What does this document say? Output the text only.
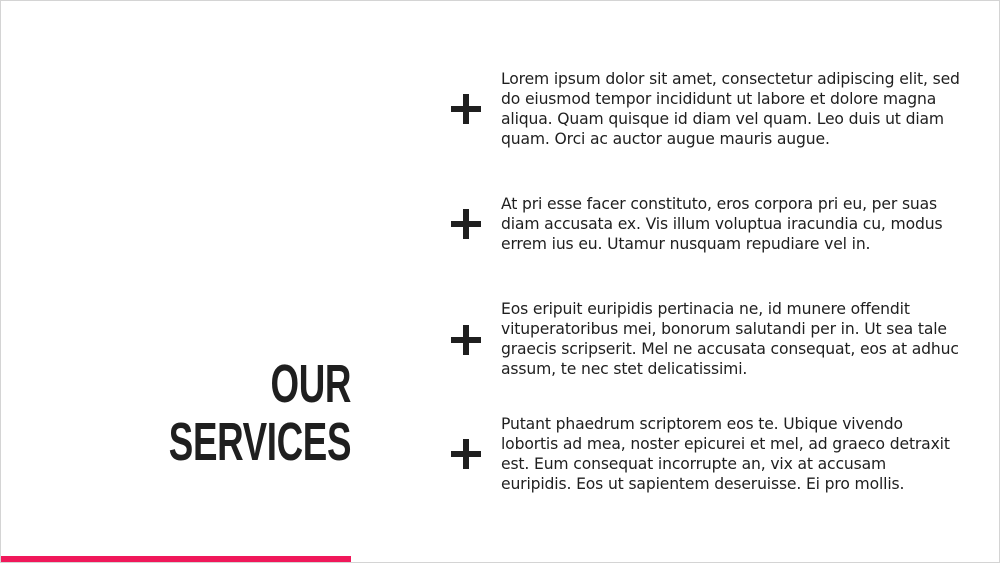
OUR
SERVICES
Lorem ipsum dolor sit amet, consectetur adipiscing elit, sed do eiusmod tempor incididunt ut labore et dolore magna aliqua. Quam quisque id diam vel quam. Leo duis ut diam quam. Orci ac auctor augue mauris augue.
At pri esse facer constituto, eros corpora pri eu, per suas diam accusata ex. Vis illum voluptua iracundia cu, modus errem ius eu. Utamur nusquam repudiare vel in.
Eos eripuit euripidis pertinacia ne, id munere offendit vituperatoribus mei, bonorum salutandi per in. Ut sea tale graecis scripserit. Mel ne accusata consequat, eos at adhuc assum, te nec stet delicatissimi.
Putant phaedrum scriptorem eos te. Ubique vivendo lobortis ad mea, noster epicurei et mel, ad graeco detraxit est. Eum consequat incorrupte an, vix at accusam euripidis. Eos ut sapientem deseruisse. Ei pro mollis.
